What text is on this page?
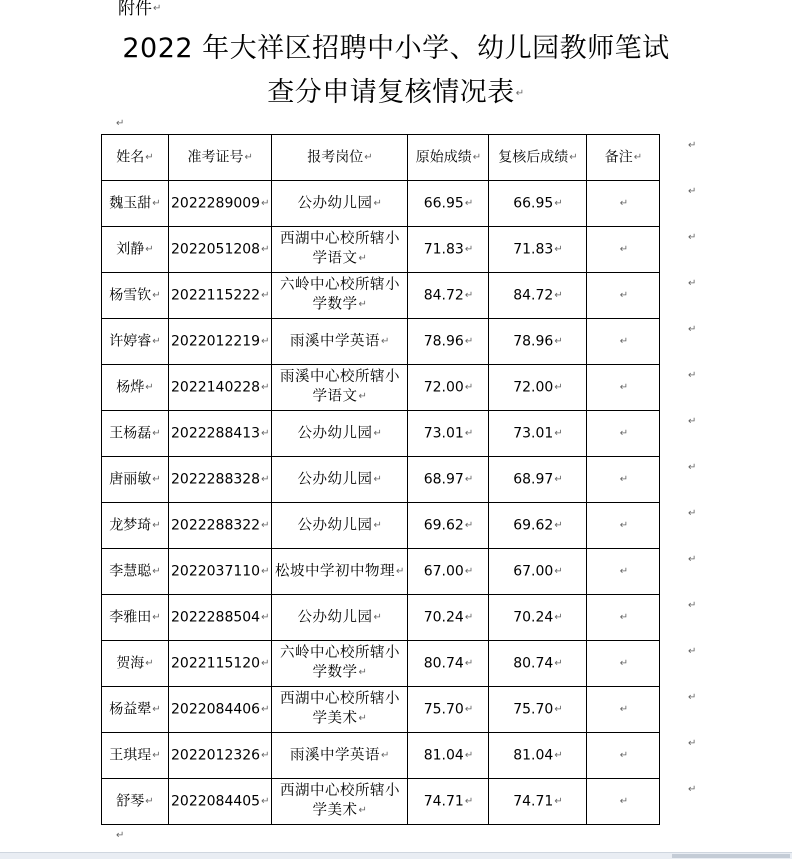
附件↵
2022 年大祥区招聘中小学、幼儿园教师笔试
查分申请复核情况表↵
↵
姓名↵	准考证号↵	报考岗位↵	原始成绩↵	复核后成绩↵	备注↵
魏玉甜↵	2022289009↵	公办幼儿园↵	66.95↵	66.95↵	↵
刘静↵	2022051208↵	西湖中心校所辖小学语文↵	71.83↵	71.83↵	↵
杨雪钦↵	2022115222↵	六岭中心校所辖小学数学↵	84.72↵	84.72↵	↵
许婷睿↵	2022012219↵	雨溪中学英语↵	78.96↵	78.96↵	↵
杨烨↵	2022140228↵	雨溪中心校所辖小学语文↵	72.00↵	72.00↵	↵
王杨磊↵	2022288413↵	公办幼儿园↵	73.01↵	73.01↵	↵
唐丽敏↵	2022288328↵	公办幼儿园↵	68.97↵	68.97↵	↵
龙梦琦↵	2022288322↵	公办幼儿园↵	69.62↵	69.62↵	↵
李慧聪↵	2022037110↵	松坡中学初中物理↵	67.00↵	67.00↵	↵
李雅田↵	2022288504↵	公办幼儿园↵	70.24↵	70.24↵	↵
贺海↵	2022115120↵	六岭中心校所辖小学数学↵	80.74↵	80.74↵	↵
杨益翚↵	2022084406↵	西湖中心校所辖小学美术↵	75.70↵	75.70↵	↵
王琪珵↵	2022012326↵	雨溪中学英语↵	81.04↵	81.04↵	↵
舒琴↵	2022084405↵	西湖中心校所辖小学美术↵	74.71↵	74.71↵	↵
↵
↵
↵
↵
↵
↵
↵
↵
↵
↵
↵
↵
↵
↵
↵
↵
